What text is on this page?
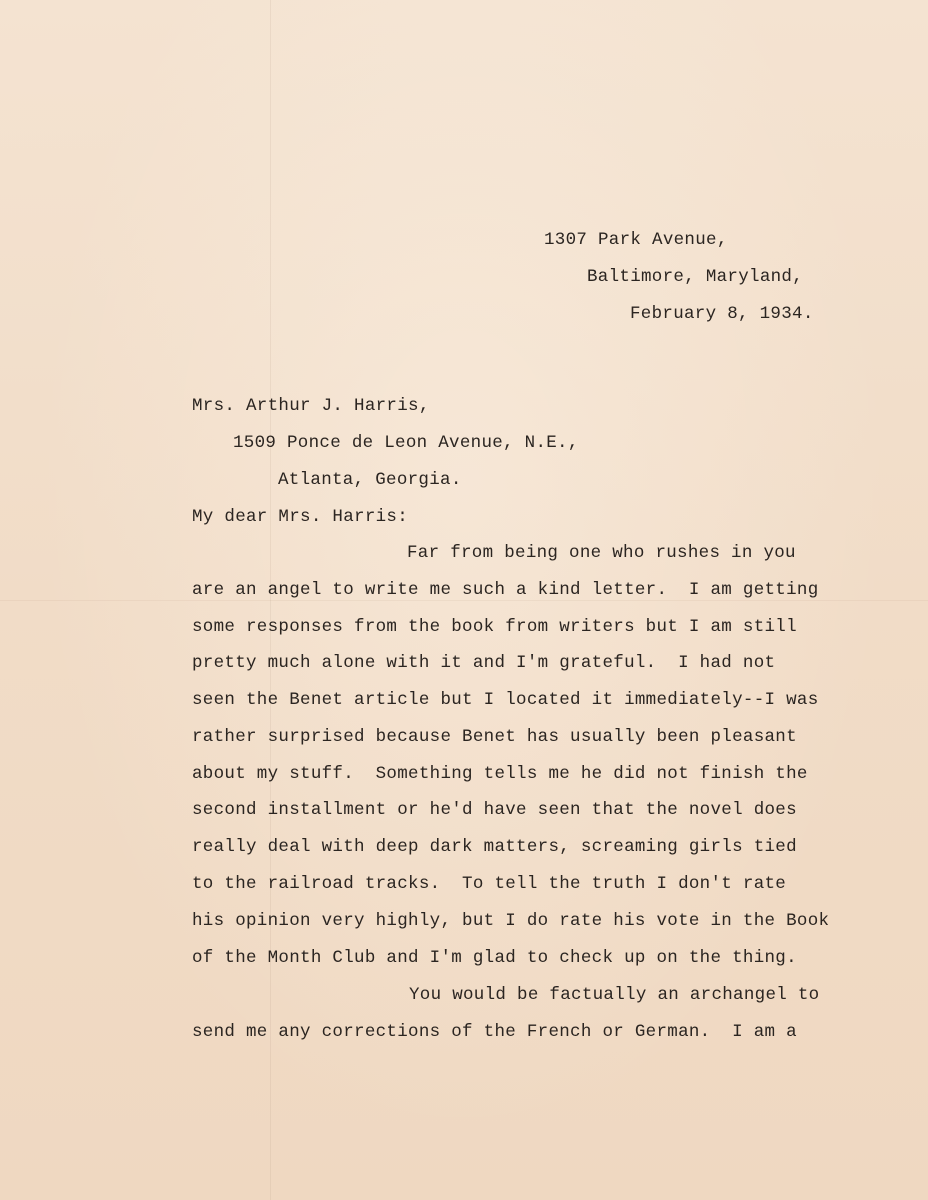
1307 Park Avenue,
Baltimore, Maryland,
February 8, 1934.
Mrs. Arthur J. Harris,
1509 Ponce de Leon Avenue, N.E.,
Atlanta, Georgia.
My dear Mrs. Harris:
Far from being one who rushes in you
are an angel to write me such a kind letter.  I am getting
some responses from the book from writers but I am still
pretty much alone with it and I'm grateful.  I had not
seen the Benet article but I located it immediately--I was
rather surprised because Benet has usually been pleasant
about my stuff.  Something tells me he did not finish the
second installment or he'd have seen that the novel does
really deal with deep dark matters, screaming girls tied
to the railroad tracks.  To tell the truth I don't rate
his opinion very highly, but I do rate his vote in the Book
of the Month Club and I'm glad to check up on the thing.
You would be factually an archangel to
send me any corrections of the French or German.  I am a
